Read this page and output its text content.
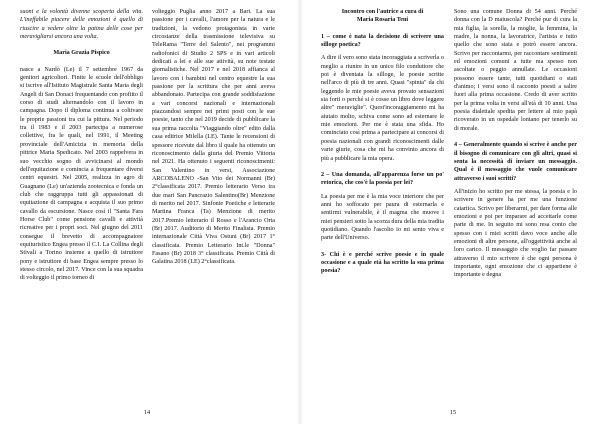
suoni e la volontà divenne scoperta della vita. L'ineffabile piacere delle emozioni è quello di riuscire a vedere oltre la patina delle cose per meravigliarsi ancora una volta.

Maria Grazia Pispico

nasce a Nardò (Le) il 7 settembre 1967 da genitori agricoltori. Finite le scuole dell'obbligo si iscrive all'Istituto Magistrale Santa Maria degli Angeli di San Donaci frequentando con profitto il corso di studi alternandolo con il lavoro in campagna. Dopo il diploma continua a coltivare le proprie passioni tra cui la pittura. Nel periodo tra il 1983 e il 2003 partecipa a numerose collettive, fra le quali, nel 1991, il Meeting provinciale dell'Amicizia in memoria della pittrice Maria Spedicato. Nel 2003 rappelvera in suo vecchio sogno di avvicinarsi al mondo dell'equitazione e comincia a frequentare diversi centri equestri. Nel 2005, realizza in agro di Guagnano (Le) un'azienda zootecnica e fonda un club che raggruppa tutti gli appassionati di equitazione di campagna e acquista il suo primo cavallo da escursione. Nasce così il "Santa Fara Horse Club" come pensione cavalli e attività ricreative per i propri soci. Nel giugno del 2011 consegue il brevetto di accompagnatore equituristico Engea presso il C.I. La Collina degli Stivali a Torino insieme a quello di istruttore pony e istruttore di base Engea sempre presso lo stesso circolo, nel 2017. Vince con la sua squadra di volteggio il primo torneo di

volteggio Puglia anno 2017 a Bari. La sua passione per i cavalli, l'amore per la natura e le tradizioni, la vedono protagonista in varie circostanze della trasmissione televisiva su TeleRama "Terre del Salento", nei programmi radiofonici di Studio 2 SPS e in vari articoli dedicati a lei e alle sue attività, su note testate giornalistiche. Nel 2017 e nel 2018 affianca al lavoro con i bambini nel centro equestre la sua passione per la scrittura che per anni aveva abbandonato. Partecipa con grande soddisfazione a vari concorsi nazionali e internazionali piazzandosi sempre nei primi posti con le sue poesie, tanto che nel 2019 decide di pubblicare la sua prima raccolta "Viaggiando oltre" edito dalla casa editrice Milella (LE). Tante le recensioni di spessore ricevute dal libro il quale ha ottenuto un riconoscimento dalla giuria del Premio Vittoria nel 2021. Ha ottenuto i seguenti riconoscimenti: San Valentino in versi, Associazione ARCOBALENO -San Vito dei Normanni (Br) 2°classificata 2017. Premio letterario Verso tra due mari San Pancrazio Salentino(Br) Menzione di merito nel 2017. Sinfonie Poetiche e letterarie Martina Franca (Ta) Menzione di merito 2017.Premio letterario il Rosso e l'Arancio Orta (Br) 2017. Auditorio di Merito Finalista. Premio internazionale Città Viva Ostuni (Br) 2017 1° classificata. Premio Letterario Int.le "Donna" Fasano (Br) 2018 3° classificata. Premio Città di Galatina 2018 (LE) 2°classificata.

14

Incontro con l'autrice a cura di

Maria Rosaria Teni

1 – come è nata la decisione di scrivere una silloge poetica?

A dire il vero sono stata incoraggiata a scriverla o meglio a riunire in un unico filo conduttore che poi è diventata la silloge, le poesie scritte nell'arco di più di tre anni. Quasi "spinta" da chi leggendo le mie poesie aveva provato sensazioni sia forti o perché si è cosse un libro dove leggere altre" meraviglie". Quest'incoraggiamento mi ha aiutato molto, schiva come sono ad esternare le mie emozioni. Per me è stata una sfida. Ho cominciato così prima a partecipare ai concorsi di poesia nazionali con grandi riconoscimenti dalle varie giurie, cosa che mi ha convinto ancora di più a pubblicare la mia opera.

2 – Una domanda, all'apparenza forse un po' retorica, che cos'è la poesia per lei?

La poesia per me è la mia voce interiore che per anni ho soffocato per paura di esternarla e sentirmi vulnerabile, è il magma che muove i miei pensieri sotto la scorza dura della mia tradita quotidiano. Quando l'ascolto io mi sento viva e parte dell'Universo.

3- Chi è e perché scrive poesie e in quale occasione e a quale età ha scritto la sua prima poesia?

Sono una comune Donna di 54 anni. Perché donna con la D maiuscola? Perché pur di cura la mia figlia, la sorella, la moglie, la femmina, la madre, la nonna, la lavoratrice, l'artista e tutto quello che sono stata e potrò essere ancora. Scrivo per raccontarmi, per raccontare sentimenti ed emozioni comuni a tutte ma spesso non ascoltate o peggio annullate. Le occasioni possono essere tante, tutti quotidiani o stati d'animo; i versi sono il racconto poesti a salire fuori alla prima occasione. Credo di aver scritto per la prima volta in versi all'età di 10 anni. Una poesia dialettale spedita per lettere al mio papà ricoverato in un ospedale lontano per tenerlo su di morale.

4 – Generalmente quando si scrive è anche per il bisogno di comunicare con gli altri, quasi si senta la necessità di inviare un messaggio. Qual è il messaggio che vuole comunicare attraverso i suoi scritti?

All'inizio ho scritto per me stessa, la poesia e lo scrivere in genere ha per me una funzione catartica. Scrivo per liberarmi, per dare forma alle emozioni e poi per imparare ad accettarle come parte di me. In seguito mi sono resa conto che spesso con i miei scritti davo voce anche alle emozioni di altre persone, all'oggettività anche al loro carico. Il messaggio che voglio far passare attraverso il mio scrivere è che ogni persona è importante, ogni emozione che ci appartiene è importante e degna

15
